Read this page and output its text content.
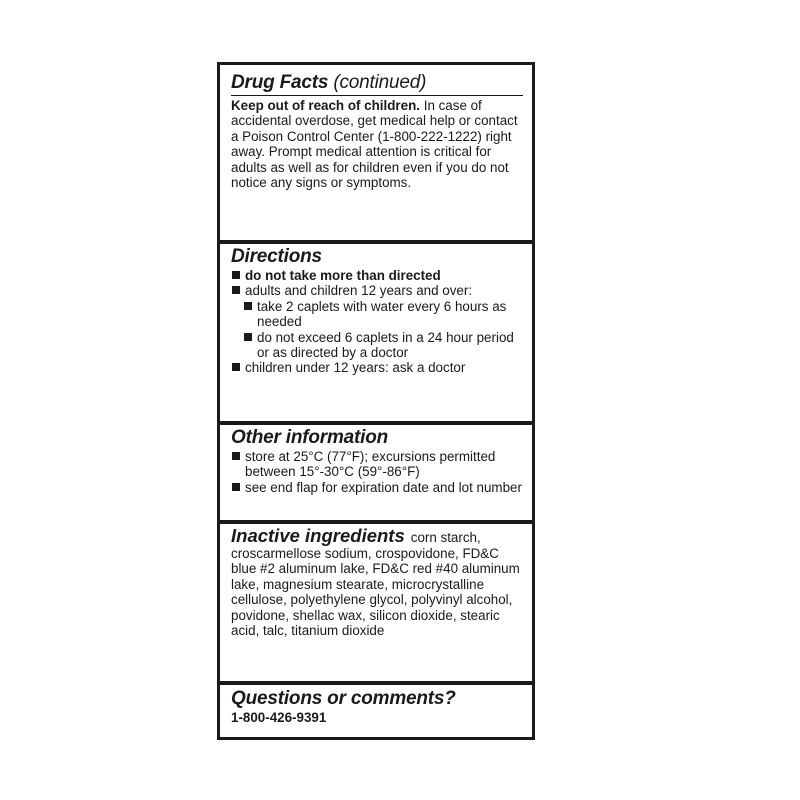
Drug Facts (continued)

Keep out of reach of children. In case of accidental overdose, get medical help or contact a Poison Control Center (1-800-222-1222) right away. Prompt medical attention is critical for adults as well as for children even if you do not notice any signs or symptoms.

Directions
do not take more than directed
adults and children 12 years and over:
take 2 caplets with water every 6 hours as needed
do not exceed 6 caplets in a 24 hour period or as directed by a doctor
children under 12 years: ask a doctor
Other information
store at 25°C (77°F); excursions permitted between 15°-30°C (59°-86°F)
see end flap for expiration date and lot number

Inactive ingredients corn starch, croscarmellose sodium, crospovidone, FD&C blue #2 aluminum lake, FD&C red #40 aluminum lake, magnesium stearate, microcrystalline cellulose, polyethylene glycol, polyvinyl alcohol, povidone, shellac wax, silicon dioxide, stearic acid, talc, titanium dioxide

Questions or comments?
1-800-426-9391
